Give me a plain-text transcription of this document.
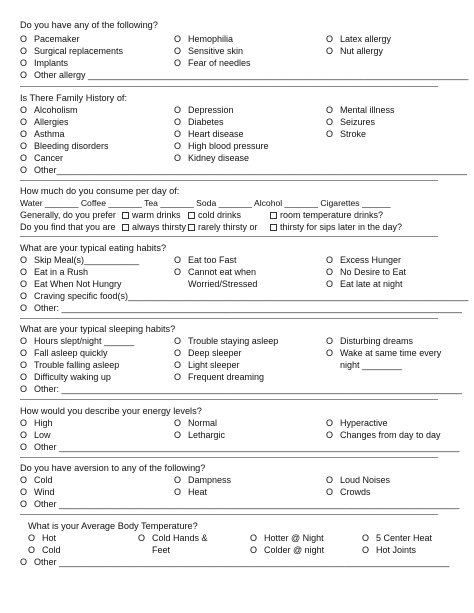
Do you have any of the following?
O Pacemaker	O Hemophilia	O Latex allergy
O Surgical replacements	O Sensitive skin	O Nut allergy
O Implants	O Fear of needles
O Other allergy ____________________________________________________________________________
Is There Family History of:
O Alcoholism	O Depression	O Mental illness
O Allergies	O Diabetes	O Seizures
O Asthma	O Heart disease	O Stroke
O Bleeding disorders	O High blood pressure
O Cancer	O Kidney disease
O Other__________________________________________________________________________________
How much do you consume per day of:
Water _______ Coffee _______ Tea _______ Soda _______ Alcohol _______ Cigarettes ______
Generally, do you prefer	warm drinks	cold drinks	room temperature drinks?
Do you find that you are	always thirsty	rarely thirsty or	thirsty for sips later in the day?
What are your typical eating habits?
O Skip Meal(s)___________	O Eat too Fast	O Excess Hunger
O Eat in a Rush	O Cannot eat when	O No Desire to Eat
O Eat When Not Hungry	Worried/Stressed	O Eat late at night
O Craving specific food(s)____________________________________________________________________
O Other: ________________________________________________________________________________
What are your typical sleeping habits?
O Hours slept/night ______	O Trouble staying asleep	O Disturbing dreams
O Fall asleep quickly	O Deep sleeper	O Wake at same time every
O Trouble falling asleep	O Light sleeper	night ________
O Difficulty waking up	O Frequent dreaming
O Other: ________________________________________________________________________________
How would you describe your energy levels?
O High	O Normal	O Hyperactive
O Low	O Lethargic	O Changes from day to day
O Other ________________________________________________________________________________
Do you have aversion to any of the following?
O Cold	O Dampness	O Loud Noises
O Wind	O Heat	O Crowds
O Other ________________________________________________________________________________
What is your Average Body Temperature?
O Hot	O Cold Hands &	O Hotter @ Night	O 5 Center Heat
O Cold	Feet	O Colder @ night	O Hot Joints
O Other ______________________________________________________________________________
